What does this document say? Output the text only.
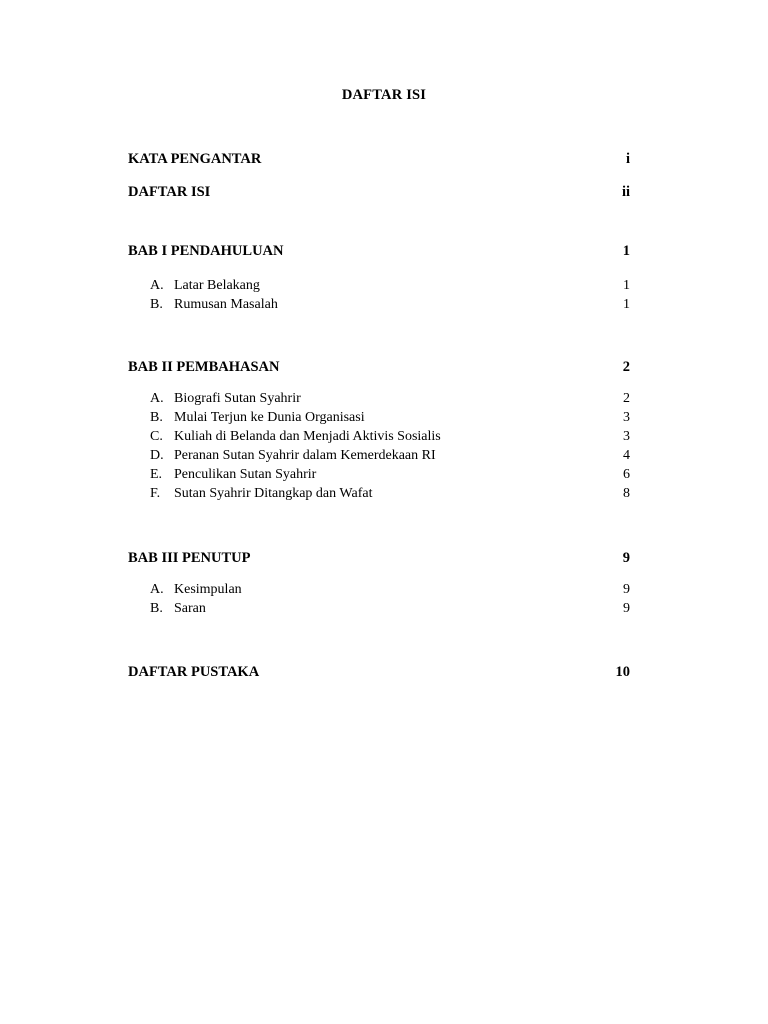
DAFTAR ISI
KATA PENGANTAR	i
DAFTAR ISI	ii
BAB I PENDAHULUAN	1
A. Latar Belakang	1
B. Rumusan Masalah	1
BAB II PEMBAHASAN	2
A. Biografi Sutan Syahrir	2
B. Mulai Terjun ke Dunia Organisasi	3
C. Kuliah di Belanda dan Menjadi Aktivis Sosialis	3
D. Peranan Sutan Syahrir dalam Kemerdekaan RI	4
E. Penculikan Sutan Syahrir	6
F. Sutan Syahrir Ditangkap dan Wafat	8
BAB III PENUTUP	9
A. Kesimpulan	9
B. Saran	9
DAFTAR PUSTAKA	10
